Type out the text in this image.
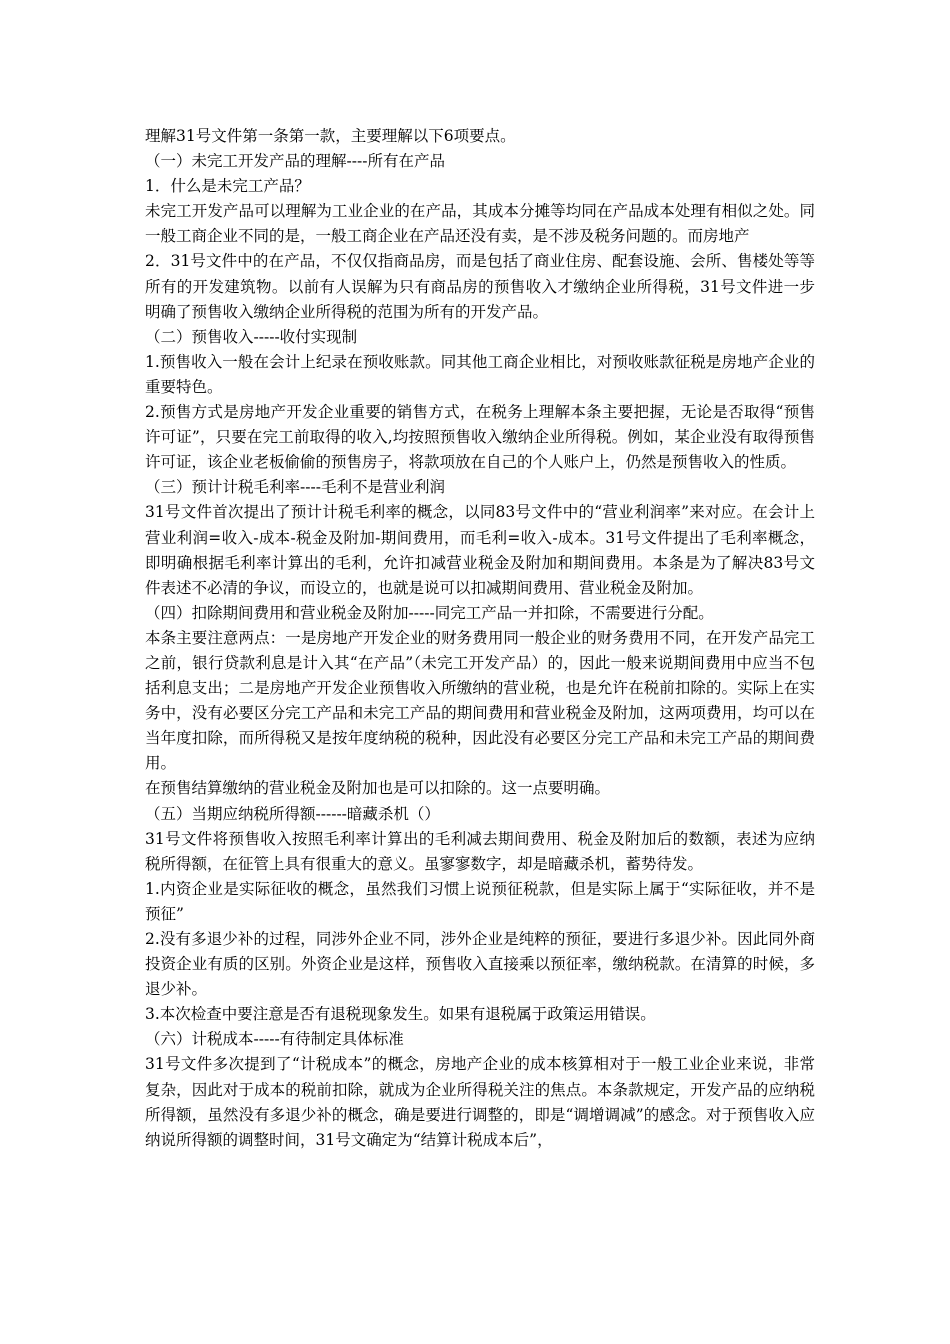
理解31号文件第一条第一款，主要理解以下6项要点。

（一）未完工开发产品的理解----所有在产品

1．什么是未完工产品？

未完工开发产品可以理解为工业企业的在产品，其成本分摊等均同在产品成本处理有相似之处。同一般工商企业不同的是，一般工商企业在产品还没有卖，是不涉及税务问题的。而房地产

2．31号文件中的在产品，不仅仅指商品房，而是包括了商业住房、配套设施、会所、售楼处等等所有的开发建筑物。以前有人误解为只有商品房的预售收入才缴纳企业所得税，31号文件进一步明确了预售收入缴纳企业所得税的范围为所有的开发产品。

（二）预售收入-----收付实现制

1.预售收入一般在会计上纪录在预收账款。同其他工商企业相比，对预收账款征税是房地产企业的重要特色。

2.预售方式是房地产开发企业重要的销售方式，在税务上理解本条主要把握，无论是否取得“预售许可证”，只要在完工前取得的收入,均按照预售收入缴纳企业所得税。例如，某企业没有取得预售许可证，该企业老板偷偷的预售房子，将款项放在自己的个人账户上，仍然是预售收入的性质。

（三）预计计税毛利率----毛利不是营业利润

31号文件首次提出了预计计税毛利率的概念，以同83号文件中的“营业利润率”来对应。在会计上营业利润=收入-成本-税金及附加-期间费用，而毛利=收入-成本。31号文件提出了毛利率概念，即明确根据毛利率计算出的毛利，允许扣减营业税金及附加和期间费用。本条是为了解决83号文件表述不必清的争议，而设立的，也就是说可以扣减期间费用、营业税金及附加。

（四）扣除期间费用和营业税金及附加-----同完工产品一并扣除，不需要进行分配。

本条主要注意两点：一是房地产开发企业的财务费用同一般企业的财务费用不同，在开发产品完工之前，银行贷款利息是计入其“在产品”（未完工开发产品）的，因此一般来说期间费用中应当不包括利息支出；二是房地产开发企业预售收入所缴纳的营业税，也是允许在税前扣除的。实际上在实务中，没有必要区分完工产品和未完工产品的期间费用和营业税金及附加，这两项费用，均可以在当年度扣除，而所得税又是按年度纳税的税种，因此没有必要区分完工产品和未完工产品的期间费用。

在预售结算缴纳的营业税金及附加也是可以扣除的。这一点要明确。

（五）当期应纳税所得额------暗藏杀机（）

31号文件将预售收入按照毛利率计算出的毛利减去期间费用、税金及附加后的数额，表述为应纳税所得额，在征管上具有很重大的意义。虽寥寥数字，却是暗藏杀机，蓄势待发。

1.内资企业是实际征收的概念，虽然我们习惯上说预征税款，但是实际上属于“实际征收，并不是预征”

2.没有多退少补的过程，同涉外企业不同，涉外企业是纯粹的预征，要进行多退少补。因此同外商投资企业有质的区别。外资企业是这样，预售收入直接乘以预征率，缴纳税款。在清算的时候，多退少补。

3.本次检查中要注意是否有退税现象发生。如果有退税属于政策运用错误。

（六）计税成本-----有待制定具体标准

31号文件多次提到了“计税成本”的概念，房地产企业的成本核算相对于一般工业企业来说，非常复杂，因此对于成本的税前扣除，就成为企业所得税关注的焦点。本条款规定，开发产品的应纳税所得额，虽然没有多退少补的概念，确是要进行调整的，即是“调增调减”的感念。对于预售收入应纳说所得额的调整时间，31号文确定为“结算计税成本后”，
